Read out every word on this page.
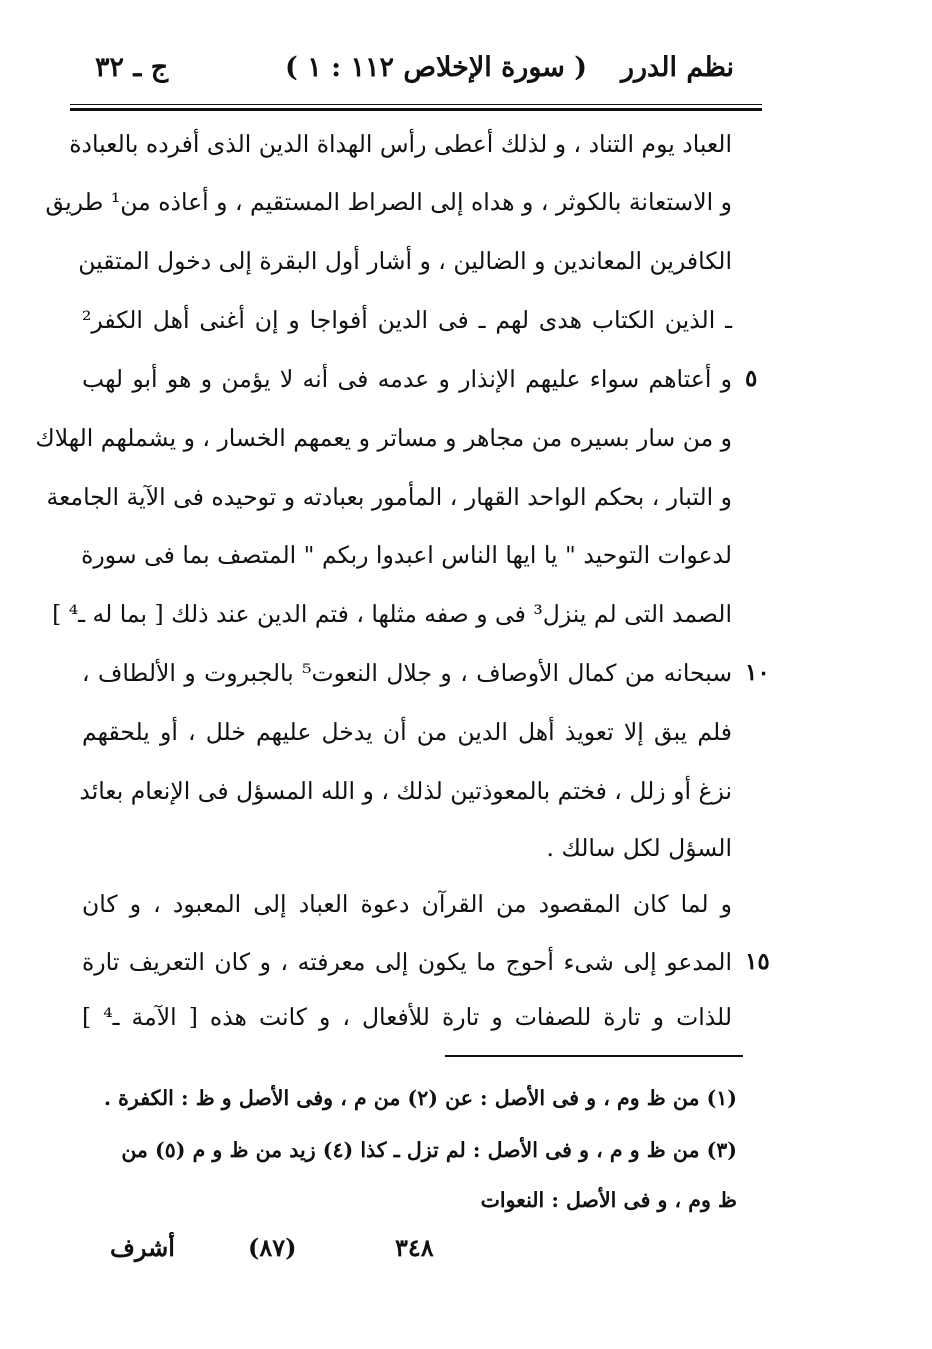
نظم الدرر
( سورة الإخلاص ١١٢ : ١ )
ج ـ ٣٢
العباد يوم التناد ، و لذلك أعطى رأس الهداة الدين الذى أفرده بالعبادة
و الاستعانة بالكوثر ، و هداه إلى الصراط المستقيم ، و أعاذه من¹ طريق
الكافرين المعاندين و الضالين ، و أشار أول البقرة إلى دخول المتقين
ـ الذين الكتاب هدى لهم ـ فى الدين أفواجا و إن أغنى أهل الكفر²
و أعتاهم سواء عليهم الإنذار و عدمه فى أنه لا يؤمن و هو أبو لهب
و من سار بسيره من مجاهر و مساتر و يعمهم الخسار ، و يشملهم الهلاك
و التبار ، بحكم الواحد القهار ، المأمور بعبادته و توحيده فى الآية الجامعة
لدعوات التوحيد " يا ايها الناس اعبدوا ربكم " المتصف بما فى سورة
الصمد التى لم ينزل³ فى و صفه مثلها ، فتم الدين عند ذلك [ بما له ـ⁴ ]
سبحانه من كمال الأوصاف ، و جلال النعوت⁵ بالجبروت و الألطاف ،
فلم يبق إلا تعويذ أهل الدين من أن يدخل عليهم خلل ، أو يلحقهم
نزغ أو زلل ، فختم بالمعوذتين لذلك ، و الله المسؤل فى الإنعام بعائد
السؤل لكل سالك .
و لما كان المقصود من القرآن دعوة العباد إلى المعبود ، و كان
المدعو إلى شىء أحوج ما يكون إلى معرفته ، و كان التعريف تارة
للذات و تارة للصفات و تارة للأفعال ، و كانت هذه [ الآمة ـ⁴ ]
٥
١٠
١٥
(١) من ظ وم ، و فى الأصل : عن (٢) من م ، وفى الأصل و ظ : الكفرة .
(٣) من ظ و م ، و فى الأصل : لم تزل ـ كذا (٤) زيد من ظ و م (٥) من
ظ وم ، و فى الأصل : النعوات
أشرف	(٨٧)	٣٤٨
